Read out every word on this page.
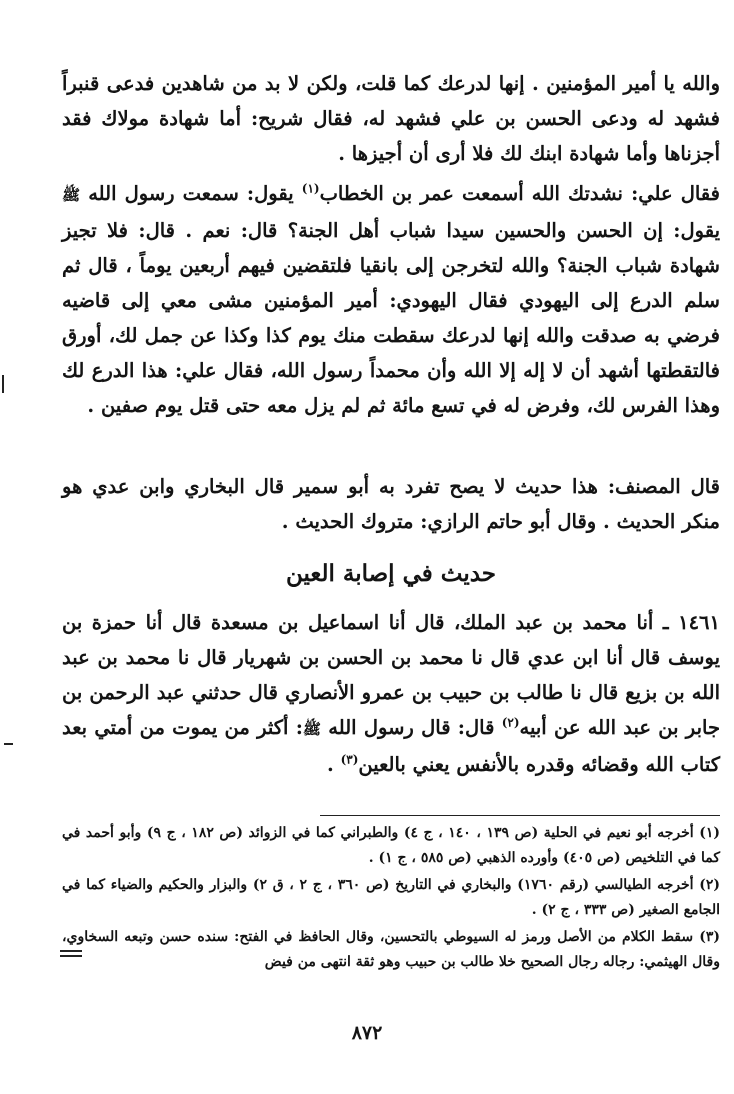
والله يا أمير المؤمنين . إنها لدرعك كما قلت، ولكن لا بد من شاهدين فدعى قنبراً فشهد له ودعى الحسن بن علي فشهد له، فقال شريح: أما شهادة مولاك فقد أجزناها وأما شهادة ابنك لك فلا أرى أن أجيزها .

فقال علي: نشدتك الله أسمعت عمر بن الخطاب$^{(١)}$ يقول: سمعت رسول الله ﷺ يقول: إن الحسن والحسين سيدا شباب أهل الجنة؟ قال: نعم . قال: فلا تجيز شهادة شباب الجنة؟ والله لتخرجن إلى بانقيا فلتقضين فيهم أربعين يوماً ، قال ثم سلم الدرع إلى اليهودي فقال اليهودي: أمير المؤمنين مشى معي إلى قاضيه فرضي به صدقت والله إنها لدرعك سقطت منك يوم كذا وكذا عن جمل لك، أورق فالتقطتها أشهد أن لا إله إلا الله وأن محمداً رسول الله، فقال علي: هذا الدرع لك وهذا الفرس لك، وفرض له في تسع مائة ثم لم يزل معه حتى قتل يوم صفين .

قال المصنف: هذا حديث لا يصح تفرد به أبو سمير قال البخاري وابن عدي هو منكر الحديث . وقال أبو حاتم الرازي: متروك الحديث .

حديث في إصابة العين

١٤٦١ ـ أنا محمد بن عبد الملك، قال أنا اسماعيل بن مسعدة قال أنا حمزة بن يوسف قال أنا ابن عدي قال نا محمد بن الحسن بن شهريار قال نا محمد بن عبد الله بن بزيع قال نا طالب بن حبيب بن عمرو الأنصاري قال حدثني عبد الرحمن بن جابر بن عبد الله عن أبيه$^{(٢)}$ قال: قال رسول الله ﷺ: أكثر من يموت من أمتي بعد كتاب الله وقضائه وقدره بالأنفس يعني بالعين$^{(٣)}$ .

(١) أخرجه أبو نعيم في الحلية (ص ١٣٩ ، ١٤٠ ، ج ٤) والطبراني كما في الزوائد (ص ١٨٢ ، ج ٩) وأبو أحمد في كما في التلخيص (ص ٤٠٥) وأورده الذهبي (ص ٥٨٥ ، ج ١) .
(٢) أخرجه الطيالسي (رقم ١٧٦٠) والبخاري في التاريخ (ص ٣٦٠ ، ج ٢ ، ق ٢) والبزار والحكيم والضياء كما في الجامع الصغير (ص ٣٣٣ ، ج ٢) .
(٣) سقط الكلام من الأصل ورمز له السيوطي بالتحسين، وقال الحافظ في الفتح: سنده حسن وتبعه السخاوي، وقال الهيثمي: رجاله رجال الصحيح خلا طالب بن حبيب وهو ثقة انتهى من فيض
٨٧٢
